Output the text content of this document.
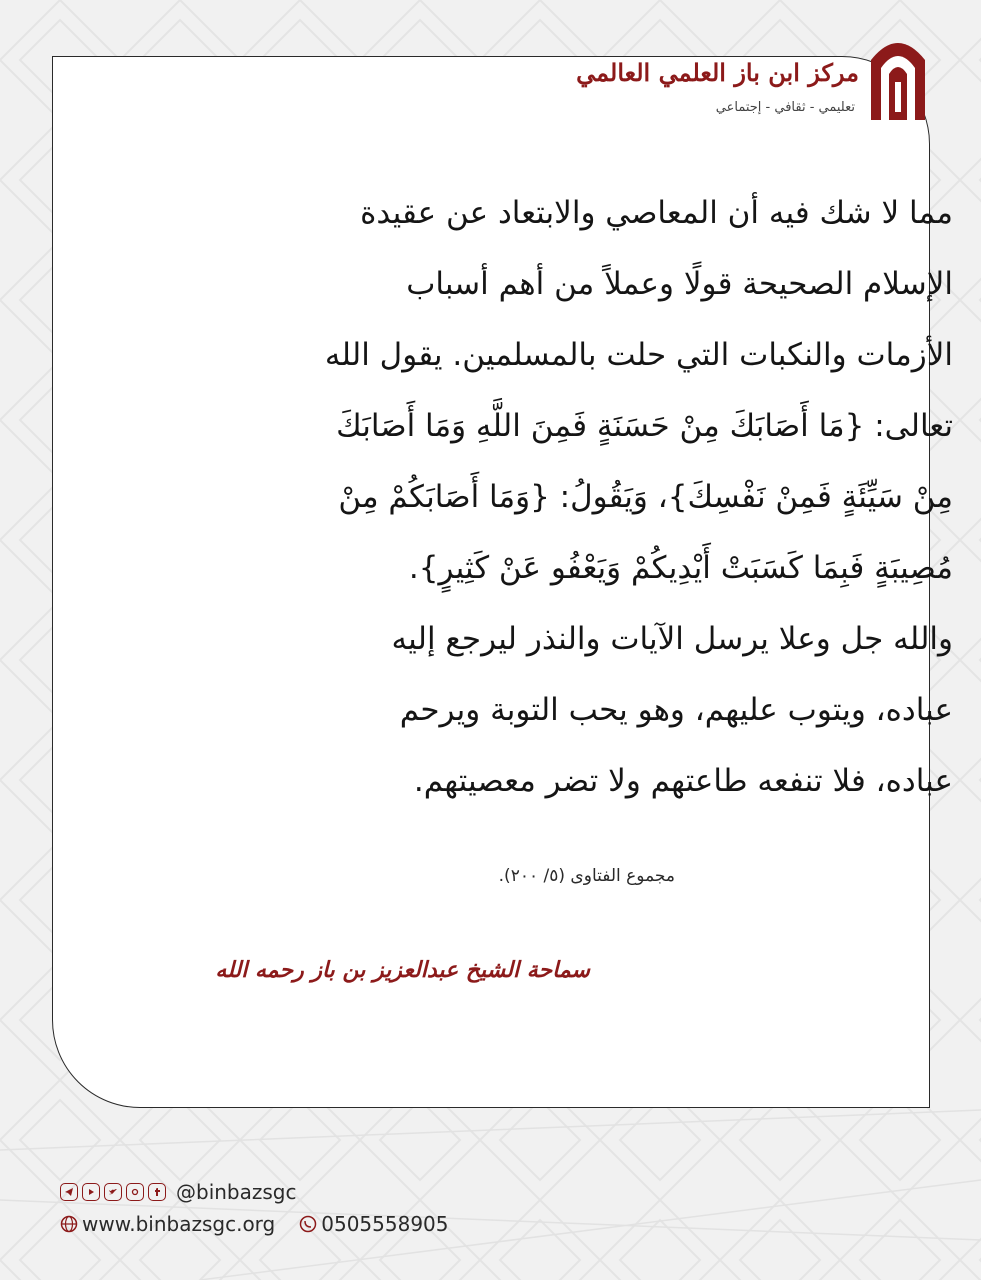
مركز ابن باز العلمي العالمي
تعليمي - ثقافي - إجتماعي
مما لا شك فيه أن المعاصي والابتعاد عن عقيدة
الإسلام الصحيحة قولًا وعملاً من أهم أسباب
الأزمات والنكبات التي حلت بالمسلمين. يقول الله
تعالى: {مَا أَصَابَكَ مِنْ حَسَنَةٍ فَمِنَ اللَّهِ وَمَا أَصَابَكَ
مِنْ سَيِّئَةٍ فَمِنْ نَفْسِكَ}، وَيَقُولُ: {وَمَا أَصَابَكُمْ مِنْ
مُصِيبَةٍ فَبِمَا كَسَبَتْ أَيْدِيكُمْ وَيَعْفُو عَنْ كَثِيرٍ}.
والله جل وعلا يرسل الآيات والنذر ليرجع إليه
عباده، ويتوب عليهم، وهو يحب التوبة ويرحم
عباده، فلا تنفعه طاعتهم ولا تضر معصيتهم.
مجموع الفتاوى (٥/ ٢٠٠).
سماحة الشيخ عبدالعزيز بن باز رحمه الله
@binbazsgc
www.binbazsgc.org 0505558905
